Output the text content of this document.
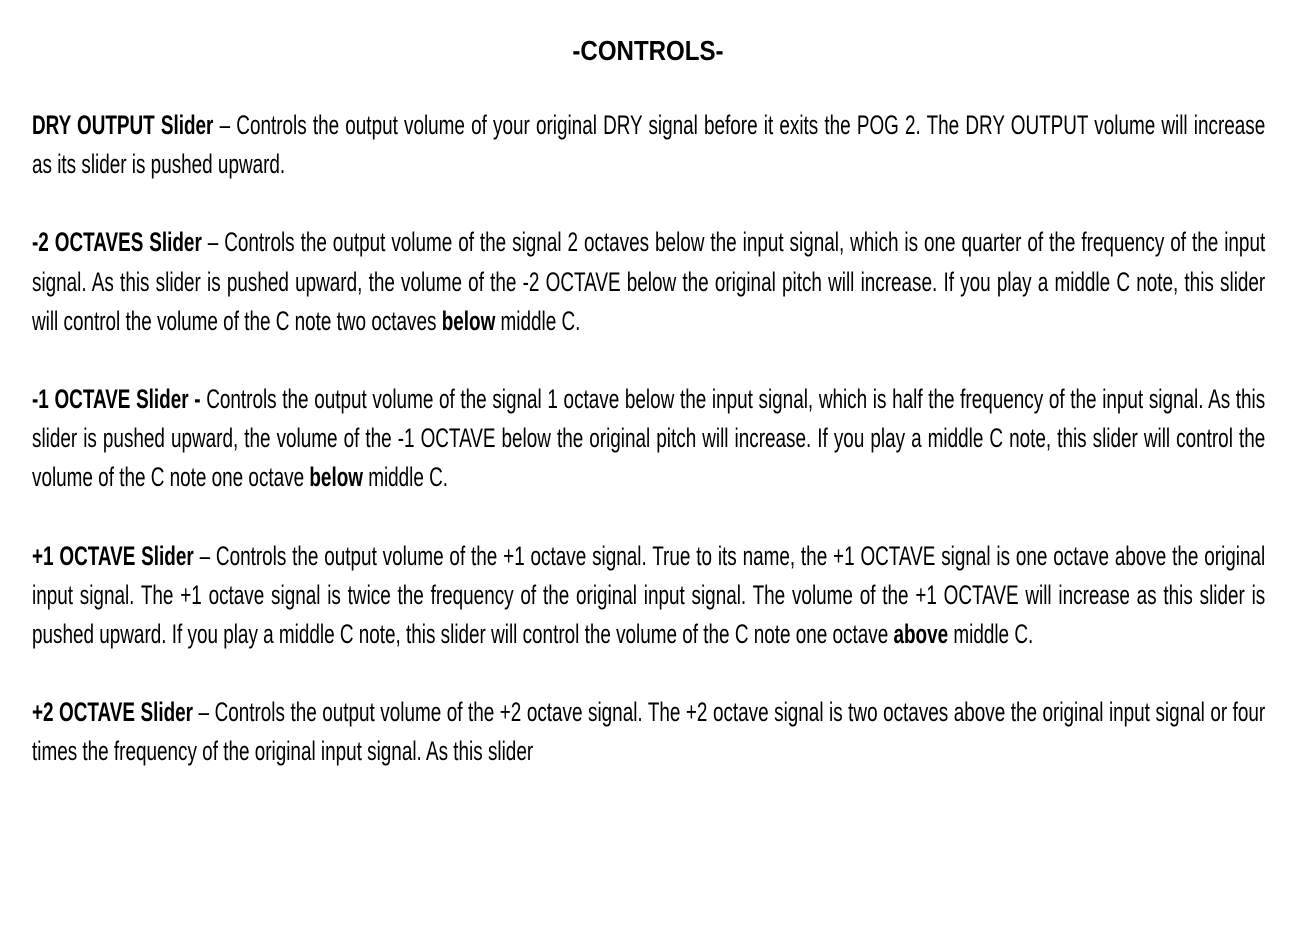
-CONTROLS-

DRY OUTPUT Slider – Controls the output volume of your original DRY signal before it exits the POG 2. The DRY OUTPUT volume will increase as its slider is pushed upward.

-2 OCTAVES Slider – Controls the output volume of the signal 2 octaves below the input signal, which is one quarter of the frequency of the input signal. As this slider is pushed upward, the volume of the -2 OCTAVE below the original pitch will increase. If you play a middle C note, this slider will control the volume of the C note two octaves below middle C.

-1 OCTAVE Slider - Controls the output volume of the signal 1 octave below the input signal, which is half the frequency of the input signal. As this slider is pushed upward, the volume of the -1 OCTAVE below the original pitch will increase. If you play a middle C note, this slider will control the volume of the C note one octave below middle C.

+1 OCTAVE Slider – Controls the output volume of the +1 octave signal. True to its name, the +1 OCTAVE signal is one octave above the original input signal. The +1 octave signal is twice the frequency of the original input signal. The volume of the +1 OCTAVE will increase as this slider is pushed upward. If you play a middle C note, this slider will control the volume of the C note one octave above middle C.

+2 OCTAVE Slider – Controls the output volume of the +2 octave signal. The +2 octave signal is two octaves above the original input signal or four times the frequency of the original input signal. As this slider
